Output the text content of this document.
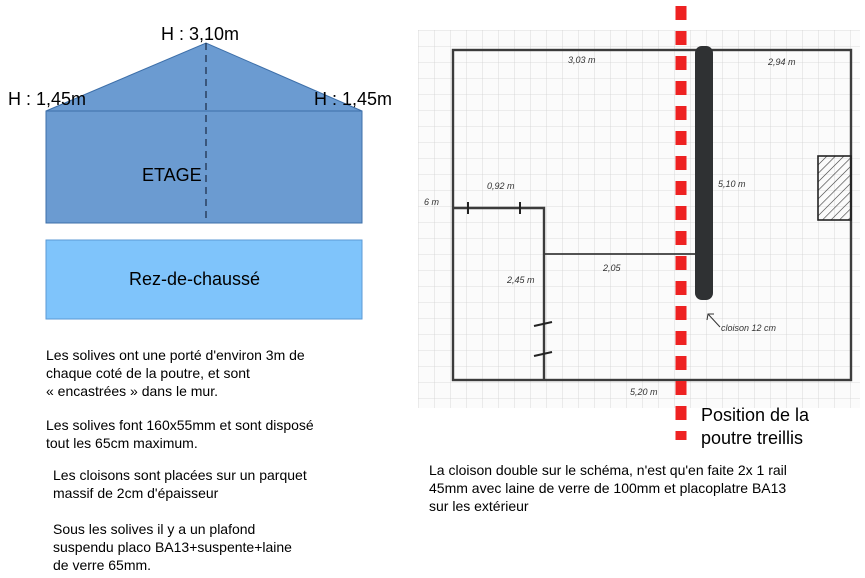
H : 3,10m
H : 1,45m	H : 1,45m
ETAGE
Rez-de-chaussé
Les solives ont une porté d'environ 3m de
chaque coté de la poutre, et sont
« encastrées » dans le mur.
Les solives font 160x55mm et sont disposé
tout les 65cm maximum.
Les cloisons sont placées sur un parquet
massif de 2cm d'épaisseur
Sous les solives il y a un plafond
suspendu placo BA13+suspente+laine
de verre 65mm.
3,03 m	2,94 m
5,10 m
0,92 m
6 m
2,45 m
2,05
5,20 m
cloison 12 cm
Position de la
poutre treillis
La cloison double sur le schéma, n'est qu'en faite 2x 1 rail
45mm avec laine de verre de 100mm et placoplatre BA13
sur les extérieur
